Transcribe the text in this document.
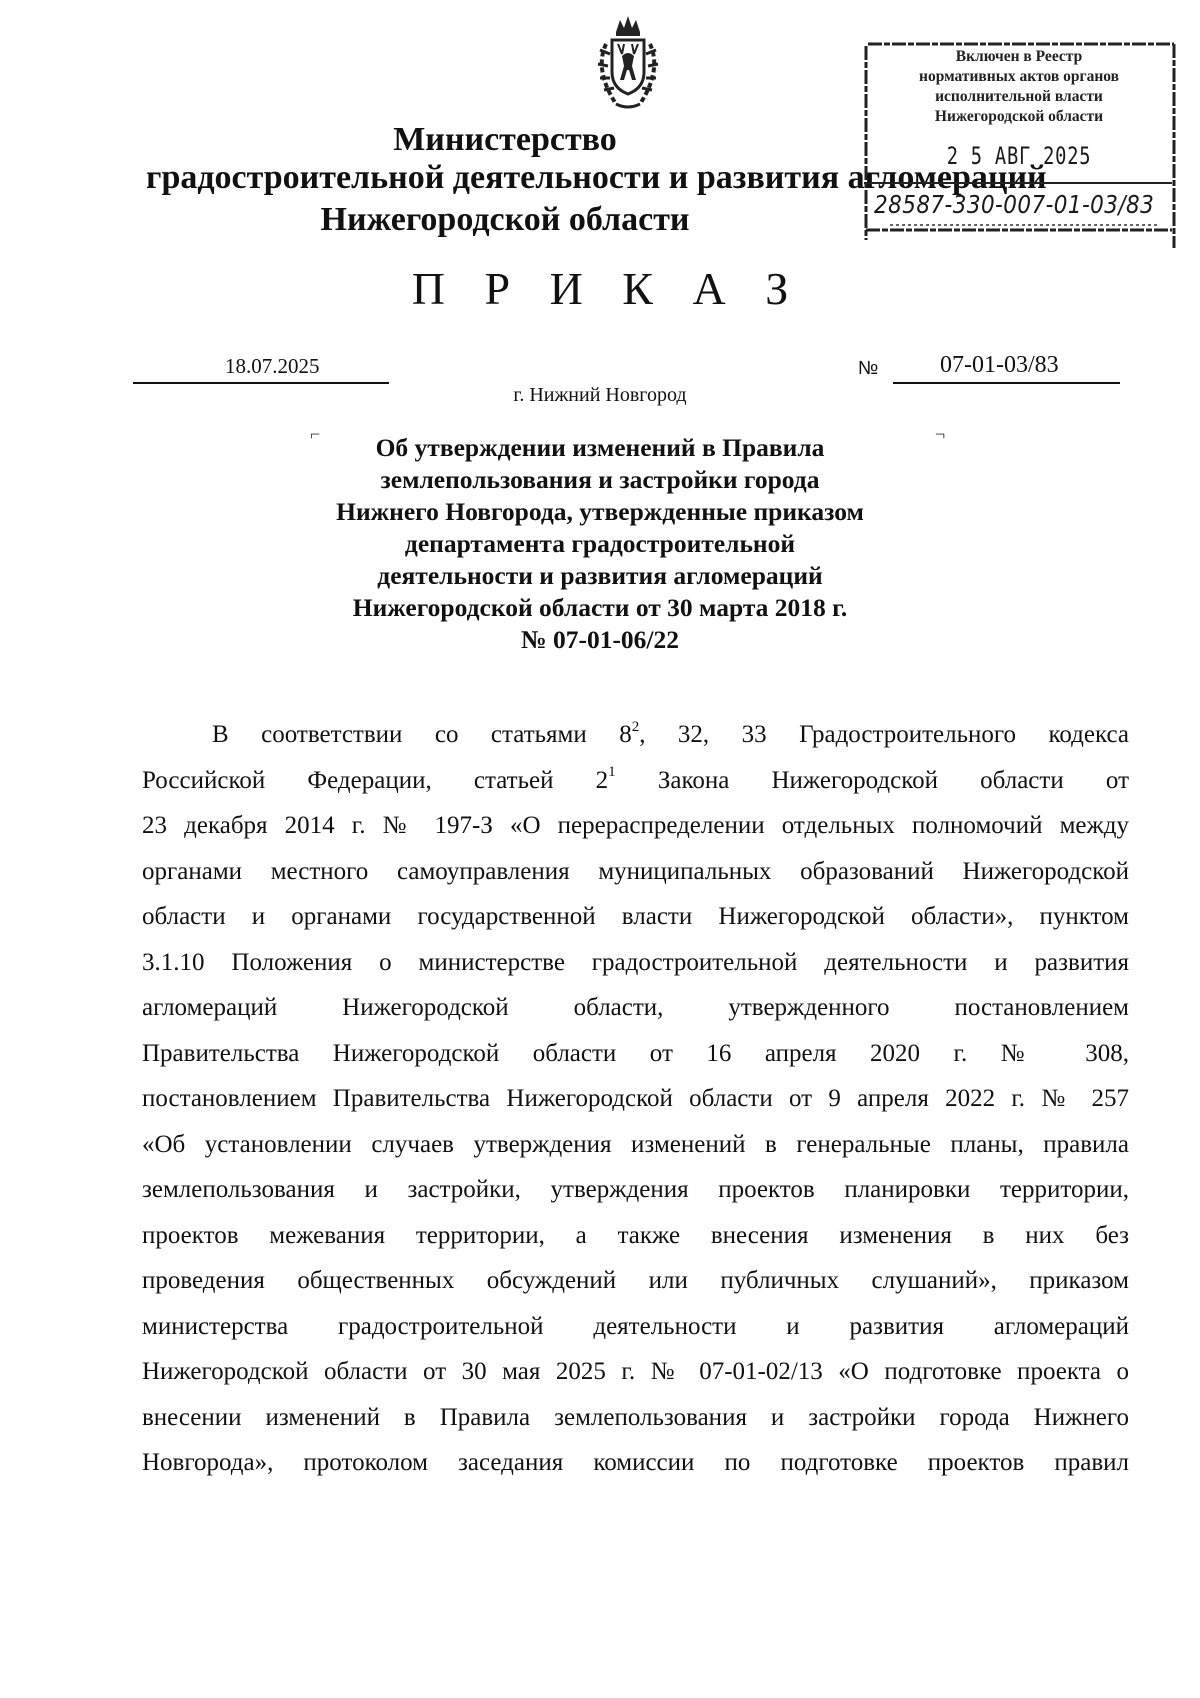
Министерство
градостроительной деятельности и развития агломераций
Нижегородской области
Включен в Реестр
нормативных актов органов
исполнительной власти
Нижегородской области
2 5 АВГ 2025
28587-330-007-01-03/83
П Р И К А З
18.07.2025	№	07-01-03/83
г. Нижний Новгород
⌐	¬
Об утверждении изменений в Правила
землепользования и застройки города
Нижнего Новгорода, утвержденные приказом
департамента градостроительной
деятельности и развития агломераций
Нижегородской области от 30 марта 2018 г.
№ 07-01-06/22
В соответствии со статьями $8^2$, 32, 33 Градостроительного кодекса
Российской Федерации, статьей $2^1$ Закона Нижегородской области от
23 декабря 2014 г. № 197-З «О перераспределении отдельных полномочий между
органами местного самоуправления муниципальных образований Нижегородской
области и органами государственной власти Нижегородской области», пунктом
3.1.10 Положения о министерстве градостроительной деятельности и развития
агломераций Нижегородской области, утвержденного постановлением
Правительства Нижегородской области от 16 апреля 2020 г. № 308,
постановлением Правительства Нижегородской области от 9 апреля 2022 г. № 257
«Об установлении случаев утверждения изменений в генеральные планы, правила
землепользования и застройки, утверждения проектов планировки территории,
проектов межевания территории, а также внесения изменения в них без
проведения общественных обсуждений или публичных слушаний», приказом
министерства градостроительной деятельности и развития агломераций
Нижегородской области от 30 мая 2025 г. № 07-01-02/13 «О подготовке проекта о
внесении изменений в Правила землепользования и застройки города Нижнего
Новгорода», протоколом заседания комиссии по подготовке проектов правил
